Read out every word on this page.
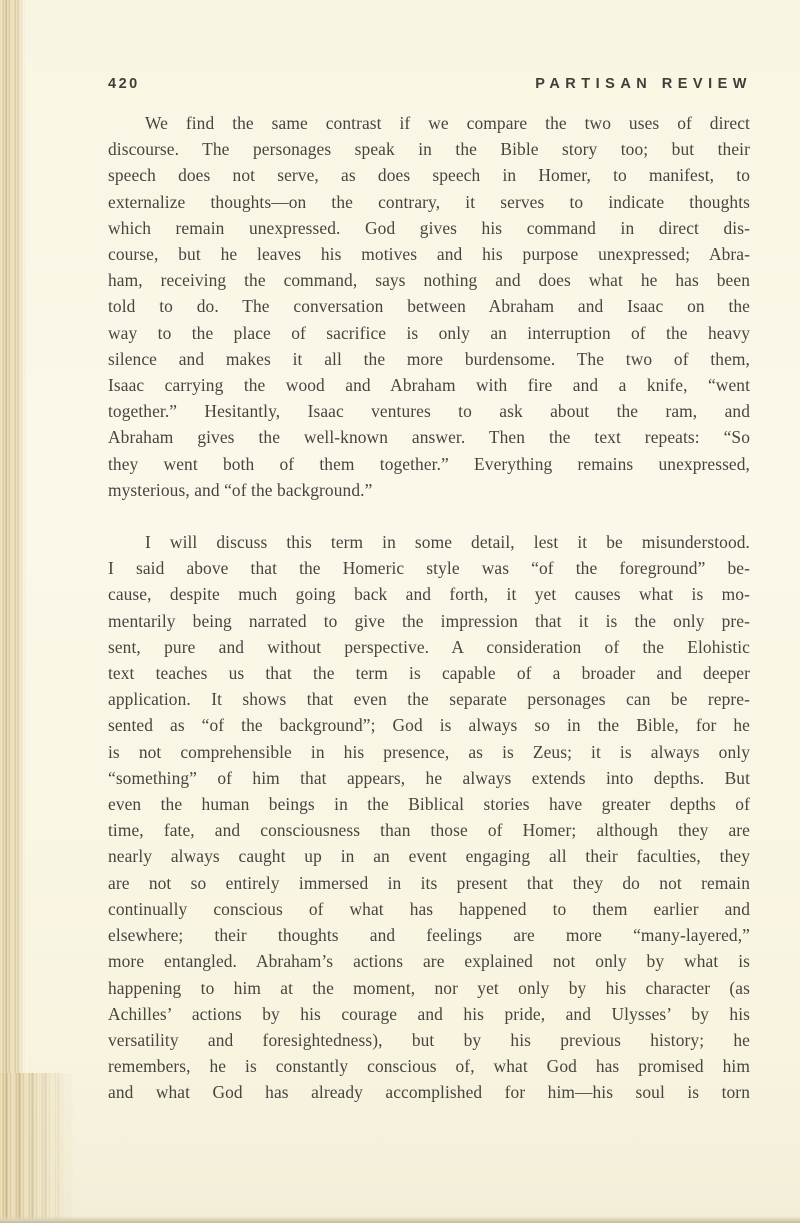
420	PARTISAN REVIEW
We find the same contrast if we compare the two uses of direct
discourse. The personages speak in the Bible story too; but their
speech does not serve, as does speech in Homer, to manifest, to
externalize thoughts—on the contrary, it serves to indicate thoughts
which remain unexpressed. God gives his command in direct dis-
course, but he leaves his motives and his purpose unexpressed; Abra-
ham, receiving the command, says nothing and does what he has been
told to do. The conversation between Abraham and Isaac on the
way to the place of sacrifice is only an interruption of the heavy
silence and makes it all the more burdensome. The two of them,
Isaac carrying the wood and Abraham with fire and a knife, “went
together.” Hesitantly, Isaac ventures to ask about the ram, and
Abraham gives the well-known answer. Then the text repeats: “So
they went both of them together.” Everything remains unexpressed,
mysterious, and “of the background.”
I will discuss this term in some detail, lest it be misunderstood.
I said above that the Homeric style was “of the foreground” be-
cause, despite much going back and forth, it yet causes what is mo-
mentarily being narrated to give the impression that it is the only pre-
sent, pure and without perspective. A consideration of the Elohistic
text teaches us that the term is capable of a broader and deeper
application. It shows that even the separate personages can be repre-
sented as “of the background”; God is always so in the Bible, for he
is not comprehensible in his presence, as is Zeus; it is always only
“something” of him that appears, he always extends into depths. But
even the human beings in the Biblical stories have greater depths of
time, fate, and consciousness than those of Homer; although they are
nearly always caught up in an event engaging all their faculties, they
are not so entirely immersed in its present that they do not remain
continually conscious of what has happened to them earlier and
elsewhere; their thoughts and feelings are more “many-layered,”
more entangled. Abraham’s actions are explained not only by what is
happening to him at the moment, nor yet only by his character (as
Achilles’ actions by his courage and his pride, and Ulysses’ by his
versatility and foresightedness), but by his previous history; he
remembers, he is constantly conscious of, what God has promised him
and what God has already accomplished for him—his soul is torn
